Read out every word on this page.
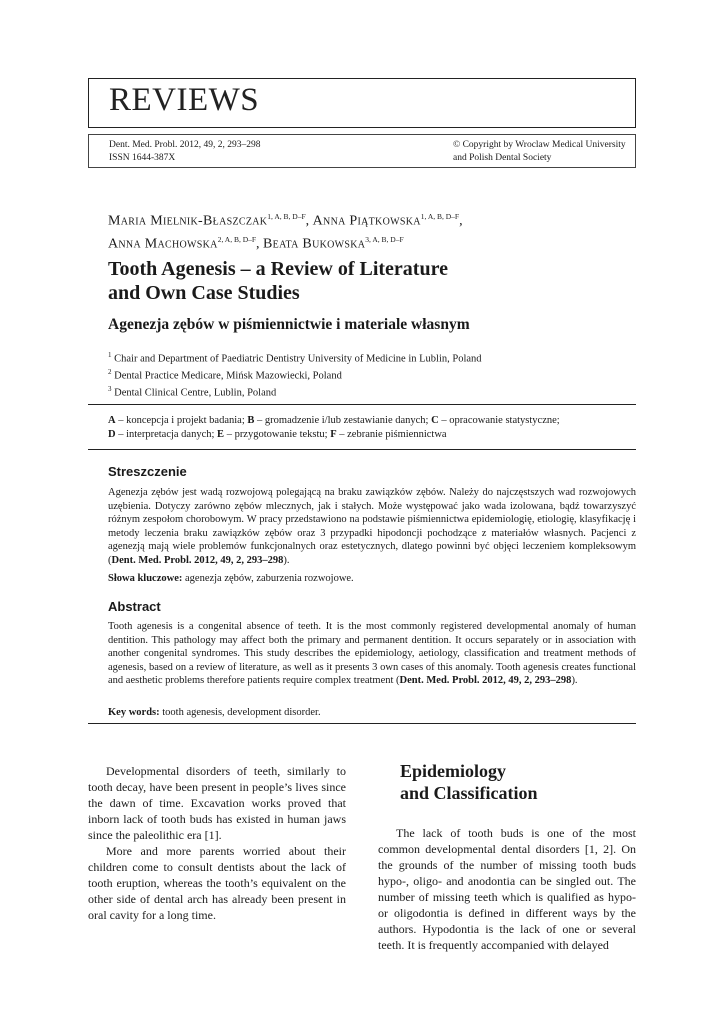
REVIEWS
Dent. Med. Probl. 2012, 49, 2, 293–298
ISSN 1644-387X
© Copyright by Wroclaw Medical University
and Polish Dental Society
Maria Mielnik-Błaszczak$^{1, A, B, D-F}$, Anna Piątkowska$^{1, A, B, D-F}$,
Anna Machowska$^{2, A, B, D-F}$, Beata Bukowska$^{3, A, B, D-F}$
Tooth Agenesis – a Review of Literature
and Own Case Studies
Agenezja zębów w piśmiennictwie i materiale własnym
$^1$ Chair and Department of Paediatric Dentistry University of Medicine in Lublin, Poland
$^2$ Dental Practice Medicare, Mińsk Mazowiecki, Poland
$^3$ Dental Clinical Centre, Lublin, Poland
A – koncepcja i projekt badania; B – gromadzenie i/lub zestawianie danych; C – opracowanie statystyczne;
D – interpretacja danych; E – przygotowanie tekstu; F – zebranie piśmiennictwa
Streszczenie
Agenezja zębów jest wadą rozwojową polegającą na braku zawiązków zębów. Należy do najczęstszych wad rozwojowych uzębienia. Dotyczy zarówno zębów mlecznych, jak i stałych. Może występować jako wada izolowana, bądź towarzyszyć różnym zespołom chorobowym. W pracy przedstawiono na podstawie piśmiennictwa epidemiologię, etiologię, klasyfikację i metody leczenia braku zawiązków zębów oraz 3 przypadki hipodoncji pochodzące z materiałów własnych. Pacjenci z agenezją mają wiele problemów funkcjonalnych oraz estetycznych, dlatego powinni być objęci leczeniem kompleksowym (Dent. Med. Probl. 2012, 49, 2, 293–298).
Słowa kluczowe: agenezja zębów, zaburzenia rozwojowe.
Abstract
Tooth agenesis is a congenital absence of teeth. It is the most commonly registered developmental anomaly of human dentition. This pathology may affect both the primary and permanent dentition. It occurs separately or in association with another congenital syndromes. This study describes the epidemiology, aetiology, classification and treatment methods of agenesis, based on a review of literature, as well as it presents 3 own cases of this anomaly. Tooth agenesis creates functional and aesthetic problems therefore patients require complex treatment (Dent. Med. Probl. 2012, 49, 2, 293–298).
Key words: tooth agenesis, development disorder.

Developmental disorders of teeth, similarly to tooth decay, have been present in people’s lives since the dawn of time. Excavation works proved that inborn lack of tooth buds has existed in human jaws since the paleolithic era [1].

More and more parents worried about their children come to consult dentists about the lack of tooth eruption, whereas the tooth’s equivalent on the other side of dental arch has already been present in oral cavity for a long time.

Epidemiology
and Classification

The lack of tooth buds is one of the most common developmental dental disorders [1, 2]. On the grounds of the number of missing tooth buds hypo-, oligo- and anodontia can be singled out. The number of missing teeth which is qualified as hypo- or oligodontia is defined in different ways by the authors. Hypodontia is the lack of one or several teeth. It is frequently accompanied with delayed
